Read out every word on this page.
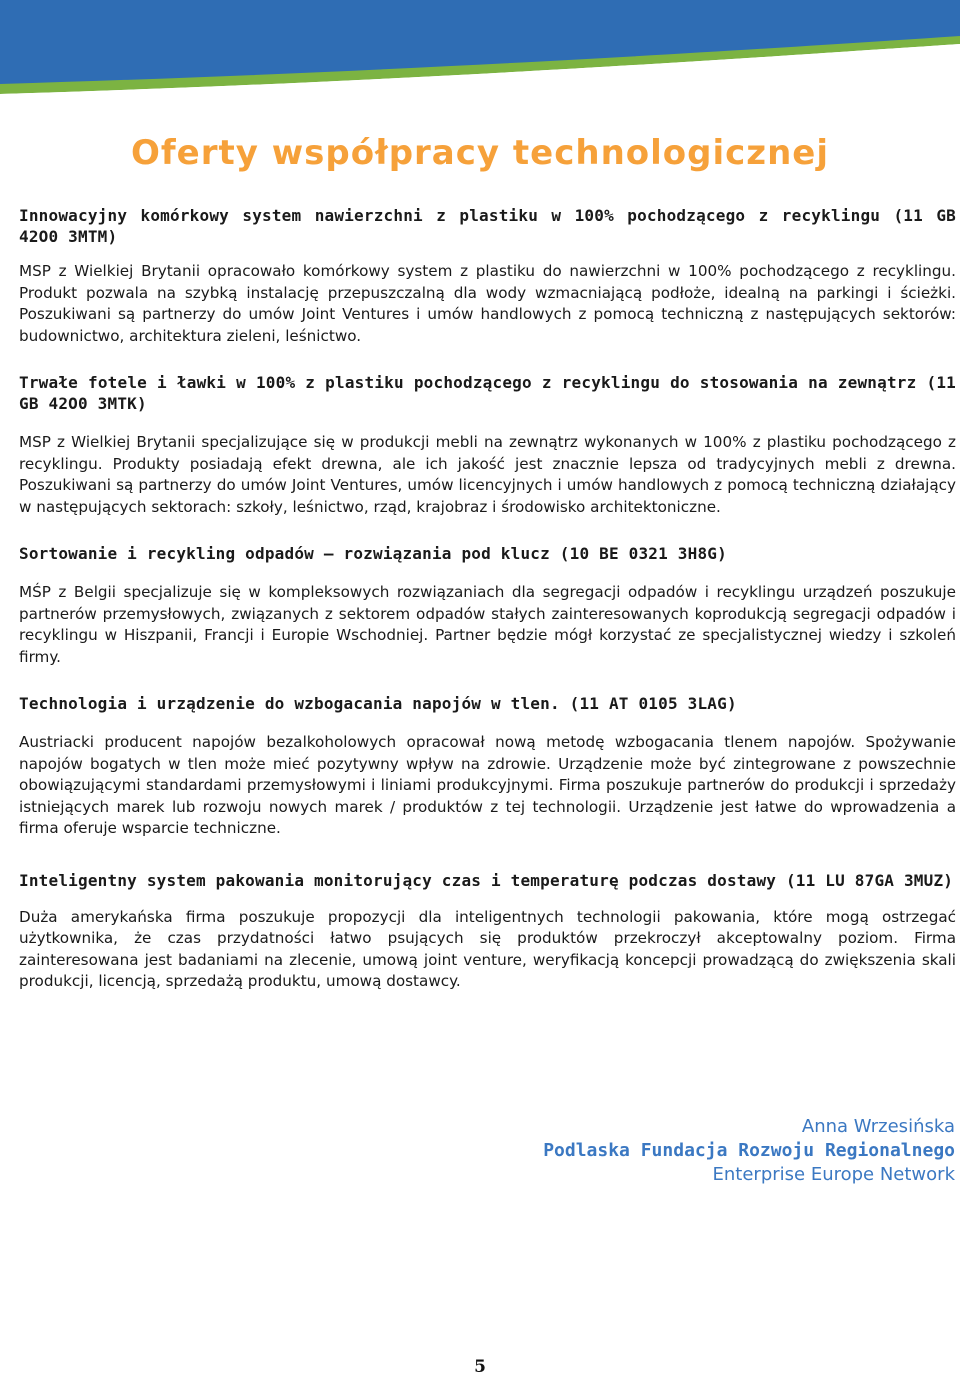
Oferty współpracy technologicznej

Innowacyjny komórkowy system nawierzchni z plastiku w 100% pochodzącego z recyklingu (11 GB 42O0 3MTM)

MSP z Wielkiej Brytanii opracowało komórkowy system z plastiku do nawierzchni w 100% pochodzącego z recyklingu. Produkt pozwala na szybką instalację przepuszczalną dla wody wzmacniającą podłoże, idealną na parkingi i ścieżki. Poszukiwani są partnerzy do umów Joint Ventures i umów handlowych z pomocą techniczną z następujących sektorów: budownictwo, architektura zieleni, leśnictwo.

Trwałe fotele i ławki w 100% z plastiku pochodzącego z recyklingu do stosowania na zewnątrz (11 GB 42O0 3MTK)

MSP z Wielkiej Brytanii specjalizujące się w produkcji mebli na zewnątrz wykonanych w 100% z plastiku pochodzącego z recyklingu. Produkty posiadają efekt drewna, ale ich jakość jest znacznie lepsza od tradycyjnych mebli z drewna. Poszukiwani są partnerzy do umów Joint Ventures, umów licencyjnych i umów handlowych z pomocą techniczną działający w następujących sektorach: szkoły, leśnictwo, rząd, krajobraz i środowisko architektoniczne.

Sortowanie i recykling odpadów — rozwiązania pod klucz (10 BE 0321 3H8G)

MŚP z Belgii specjalizuje się w kompleksowych rozwiązaniach dla segregacji odpadów i recyklingu urządzeń poszukuje partnerów przemysłowych, związanych z sektorem odpadów stałych zainteresowanych koprodukcją segregacji odpadów i recyklingu w Hiszpanii, Francji i Europie Wschodniej. Partner będzie mógł korzystać ze specjalistycznej wiedzy i szkoleń firmy.

Technologia i urządzenie do wzbogacania napojów w tlen. (11 AT 0105 3LAG)

Austriacki producent napojów bezalkoholowych opracował nową metodę wzbogacania tlenem napojów. Spożywanie napojów bogatych w tlen może mieć pozytywny wpływ na zdrowie. Urządzenie może być zintegrowane z powszechnie obowiązującymi standardami przemysłowymi i liniami produkcyjnymi. Firma poszukuje partnerów do produkcji i sprzedaży istniejących marek lub rozwoju nowych marek / produktów z tej technologii. Urządzenie jest łatwe do wprowadzenia a firma oferuje wsparcie techniczne.

Inteligentny system pakowania monitorujący czas i temperaturę podczas dostawy (11 LU 87GA 3MUZ)

Duża amerykańska firma poszukuje propozycji dla inteligentnych technologii pakowania, które mogą ostrzegać użytkownika, że czas przydatności łatwo psujących się produktów przekroczył akceptowalny poziom. Firma zainteresowana jest badaniami na zlecenie, umową joint venture, weryfikacją koncepcji prowadzącą do zwiększenia skali produkcji, licencją, sprzedażą produktu, umową dostawcy.

Anna Wrzesińska
Podlaska Fundacja Rozwoju Regionalnego
Enterprise Europe Network
5
